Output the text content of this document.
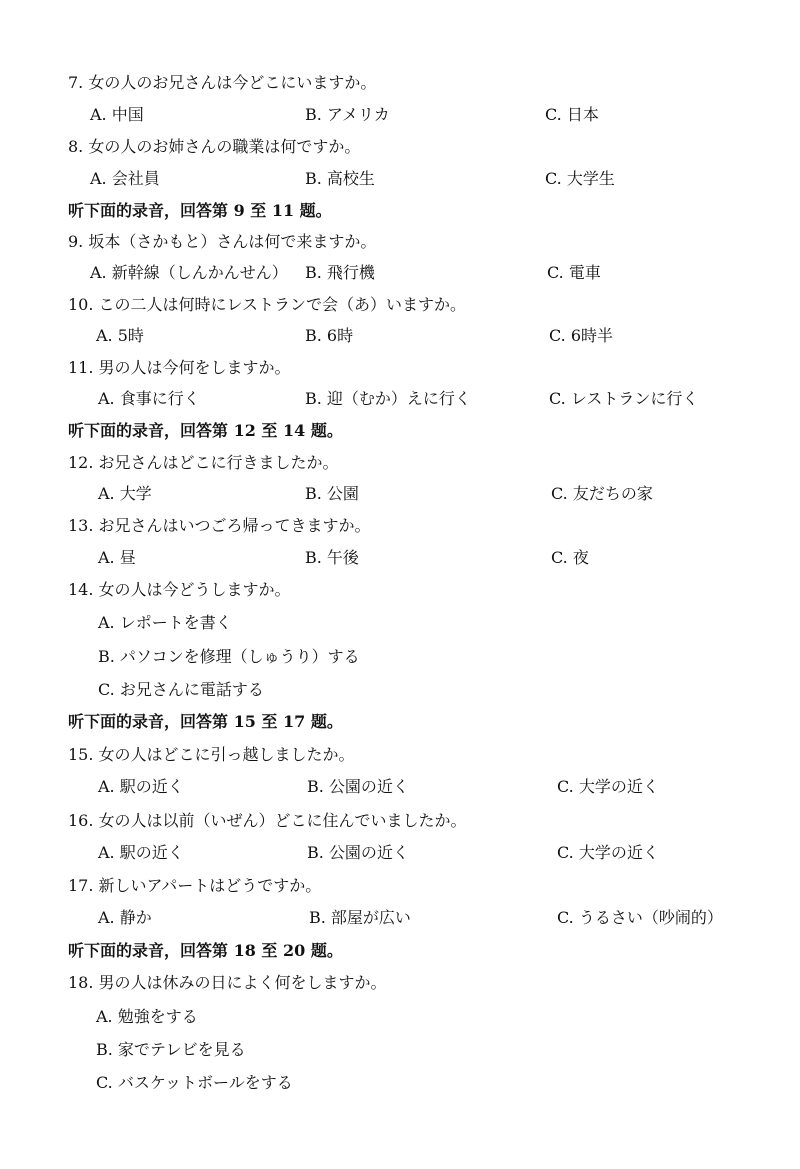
7. 女の人のお兄さんは今どこにいますか。
A. 中国	B. アメリカ	C. 日本
8. 女の人のお姉さんの職業は何ですか。
A. 会社員	B. 高校生	C. 大学生
听下面的录音，回答第 9 至 11 题。
9. 坂本（さかもと）さんは何で来ますか。
A. 新幹線（しんかんせん） B. 飛行機	C. 電車
10. この二人は何時にレストランで会（あ）いますか。
A. 5時	B. 6時	C. 6時半
11. 男の人は今何をしますか。
A. 食事に行く	B. 迎（むか）えに行く	C. レストランに行く
听下面的录音，回答第 12 至 14 题。
12. お兄さんはどこに行きましたか。
A. 大学	B. 公園	C. 友だちの家
13. お兄さんはいつごろ帰ってきますか。
A. 昼	B. 午後	C. 夜
14. 女の人は今どうしますか。
A. レポートを書く
B. パソコンを修理（しゅうり）する
C. お兄さんに電話する
听下面的录音，回答第 15 至 17 题。
15. 女の人はどこに引っ越しましたか。
A. 駅の近く	B. 公園の近く	C. 大学の近く
16. 女の人は以前（いぜん）どこに住んでいましたか。
A. 駅の近く	B. 公園の近く	C. 大学の近く
17. 新しいアパートはどうですか。
A. 静か	B. 部屋が広い	C. うるさい（吵闹的）
听下面的录音，回答第 18 至 20 题。
18. 男の人は休みの日によく何をしますか。
A. 勉強をする
B. 家でテレビを見る
C. バスケットボールをする
